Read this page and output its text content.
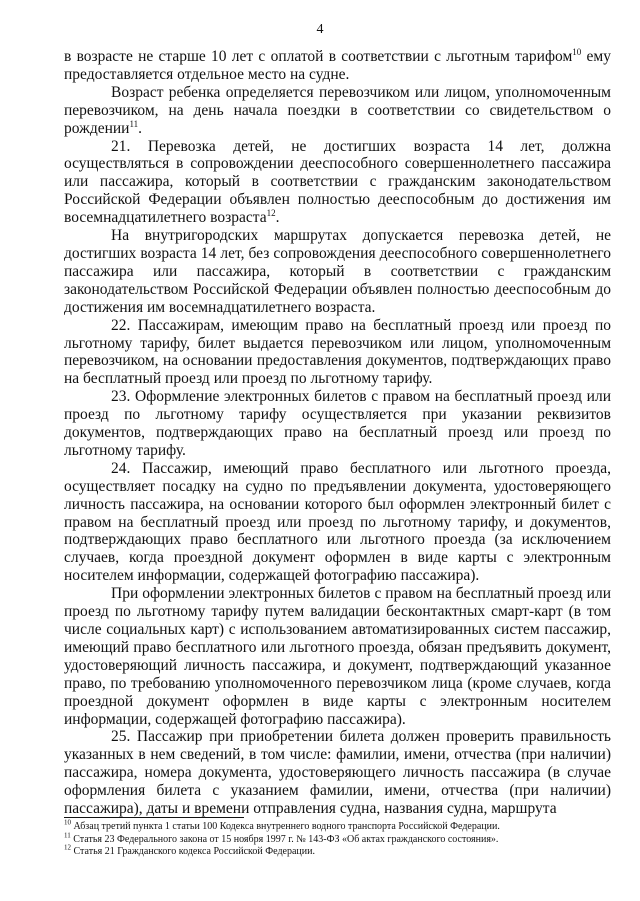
4

в возрасте не старше 10 лет с оплатой в соответствии с льготным тарифом$^{10}$ ему предоставляется отдельное место на судне.

Возраст ребенка определяется перевозчиком или лицом, уполномоченным перевозчиком, на день начала поездки в соответствии со свидетельством о рождении$^{11}$.

21. Перевозка детей, не достигших возраста 14 лет, должна осуществляться в сопровождении дееспособного совершеннолетнего пассажира или пассажира, который в соответствии с гражданским законодательством Российской Федерации объявлен полностью дееспособным до достижения им восемнадцатилетнего возраста$^{12}$.

На внутригородских маршрутах допускается перевозка детей, не достигших возраста 14 лет, без сопровождения дееспособного совершеннолетнего пассажира или пассажира, который в соответствии с гражданским законодательством Российской Федерации объявлен полностью дееспособным до достижения им восемнадцатилетнего возраста.

22. Пассажирам, имеющим право на бесплатный проезд или проезд по льготному тарифу, билет выдается перевозчиком или лицом, уполномоченным перевозчиком, на основании предоставления документов, подтверждающих право на бесплатный проезд или проезд по льготному тарифу.

23. Оформление электронных билетов с правом на бесплатный проезд или проезд по льготному тарифу осуществляется при указании реквизитов документов, подтверждающих право на бесплатный проезд или проезд по льготному тарифу.

24. Пассажир, имеющий право бесплатного или льготного проезда, осуществляет посадку на судно по предъявлении документа, удостоверяющего личность пассажира, на основании которого был оформлен электронный билет с правом на бесплатный проезд или проезд по льготному тарифу, и документов, подтверждающих право бесплатного или льготного проезда (за исключением случаев, когда проездной документ оформлен в виде карты с электронным носителем информации, содержащей фотографию пассажира).

При оформлении электронных билетов с правом на бесплатный проезд или проезд по льготному тарифу путем валидации бесконтактных смарт-карт (в том числе социальных карт) с использованием автоматизированных систем пассажир, имеющий право бесплатного или льготного проезда, обязан предъявить документ, удостоверяющий личность пассажира, и документ, подтверждающий указанное право, по требованию уполномоченного перевозчиком лица (кроме случаев, когда проездной документ оформлен в виде карты с электронным носителем информации, содержащей фотографию пассажира).

25. Пассажир при приобретении билета должен проверить правильность указанных в нем сведений, в том числе: фамилии, имени, отчества (при наличии) пассажира, номера документа, удостоверяющего личность пассажира (в случае оформления билета с указанием фамилии, имени, отчества (при наличии) пассажира), даты и времени отправления судна, названия судна, маршрута

$^{10}$ Абзац третий пункта 1 статьи 100 Кодекса внутреннего водного транспорта Российской Федерации.
$^{11}$ Статья 23 Федерального закона от 15 ноября 1997 г. № 143-ФЗ «Об актах гражданского состояния».
$^{12}$ Статья 21 Гражданского кодекса Российской Федерации.
